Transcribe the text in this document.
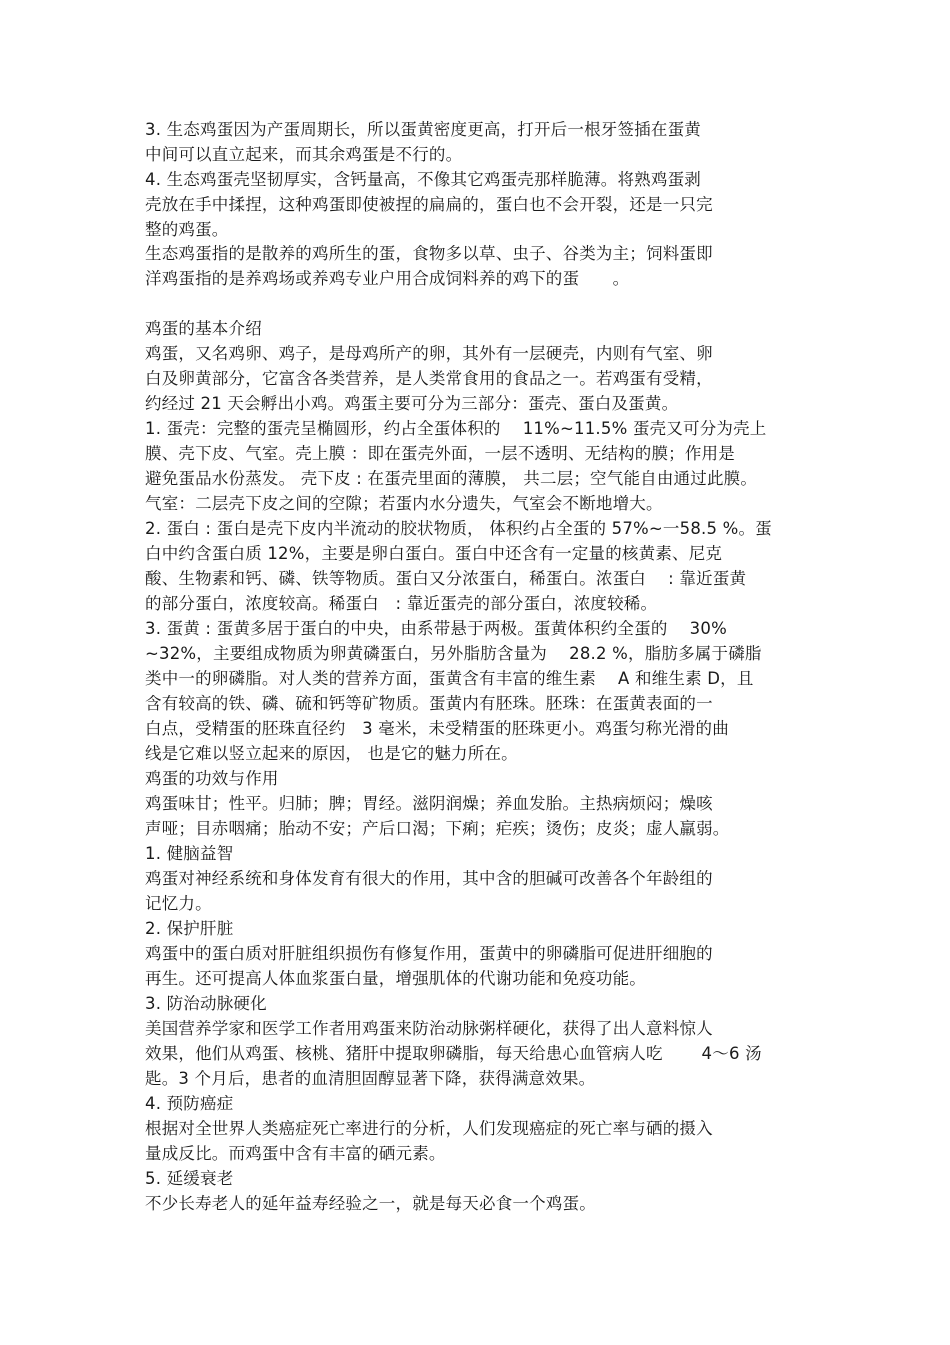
3. 生态鸡蛋因为产蛋周期长，所以蛋黄密度更高，打开后一根牙签插在蛋黄
中间可以直立起来，而其余鸡蛋是不行的。
4. 生态鸡蛋壳坚韧厚实，含钙量高，不像其它鸡蛋壳那样脆薄。将熟鸡蛋剥
壳放在手中揉捏，这种鸡蛋即使被捏的扁扁的，蛋白也不会开裂，还是一只完
整的鸡蛋。
生态鸡蛋指的是散养的鸡所生的蛋，食物多以草、虫子、谷类为主；饲料蛋即
洋鸡蛋指的是养鸡场或养鸡专业户用合成饲料养的鸡下的蛋　　。
鸡蛋的基本介绍
鸡蛋，又名鸡卵、鸡子，是母鸡所产的卵，其外有一层硬壳，内则有气室、卵
白及卵黄部分，它富含各类营养，是人类常食用的食品之一。若鸡蛋有受精，
约经过 21 天会孵出小鸡。鸡蛋主要可分为三部分：蛋壳、蛋白及蛋黄。
1. 蛋壳：完整的蛋壳呈椭圆形，约占全蛋体积的　 11%~11.5% 蛋壳又可分为壳上
膜、壳下皮、气室。壳上膜 ：即在蛋壳外面，一层不透明、无结构的膜；作用是
避免蛋品水份蒸发。 壳下皮 : 在蛋壳里面的薄膜， 共二层；空气能自由通过此膜。
气室：二层壳下皮之间的空隙；若蛋内水分遗失，气室会不断地增大。
2. 蛋白 : 蛋白是壳下皮内半流动的胶状物质， 体积约占全蛋的 57%~一58.5 %。蛋
白中约含蛋白质 12%，主要是卵白蛋白。蛋白中还含有一定量的核黄素、尼克
酸、生物素和钙、磷、铁等物质。蛋白又分浓蛋白，稀蛋白。浓蛋白　 : 靠近蛋黄
的部分蛋白，浓度较高。稀蛋白　: 靠近蛋壳的部分蛋白，浓度较稀。
3. 蛋黄 : 蛋黄多居于蛋白的中央，由系带悬于两极。蛋黄体积约全蛋的　 30%
~32%，主要组成物质为卵黄磷蛋白，另外脂肪含量为　 28.2 %，脂肪多属于磷脂
类中一的卵磷脂。对人类的营养方面，蛋黄含有丰富的维生素　 A 和维生素 D，且
含有较高的铁、磷、硫和钙等矿物质。蛋黄内有胚珠。胚珠：在蛋黄表面的一
白点，受精蛋的胚珠直径约　3 毫米，未受精蛋的胚珠更小。鸡蛋匀称光滑的曲
线是它难以竖立起来的原因， 也是它的魅力所在。
鸡蛋的功效与作用
鸡蛋味甘；性平。归肺；脾；胃经。滋阴润燥；养血发胎。主热病烦闷；燥咳
声哑；目赤咽痛；胎动不安；产后口渴；下痢；疟疾；烫伤；皮炎；虚人羸弱。
1. 健脑益智
鸡蛋对神经系统和身体发育有很大的作用，其中含的胆碱可改善各个年龄组的
记忆力。
2. 保护肝脏
鸡蛋中的蛋白质对肝脏组织损伤有修复作用，蛋黄中的卵磷脂可促进肝细胞的
再生。还可提高人体血浆蛋白量，增强肌体的代谢功能和免疫功能。
3. 防治动脉硬化
美国营养学家和医学工作者用鸡蛋来防治动脉粥样硬化，获得了出人意料惊人
效果，他们从鸡蛋、核桃、猪肝中提取卵磷脂，每天给患心血管病人吃　　 4～6 汤
匙。3 个月后，患者的血清胆固醇显著下降，获得满意效果。
4. 预防癌症
根据对全世界人类癌症死亡率进行的分析，人们发现癌症的死亡率与硒的摄入
量成反比。而鸡蛋中含有丰富的硒元素。
5. 延缓衰老
不少长寿老人的延年益寿经验之一，就是每天必食一个鸡蛋。
